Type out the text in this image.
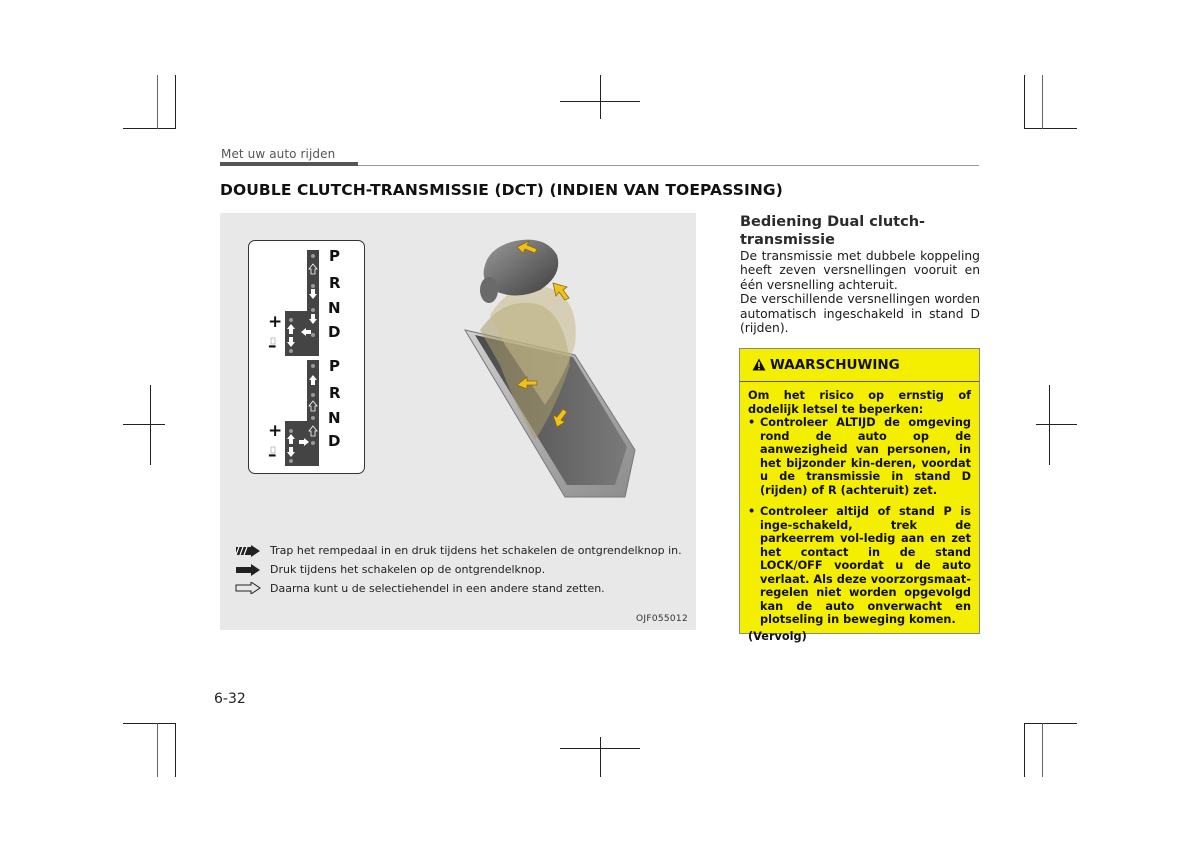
Met uw auto rijden
DOUBLE CLUTCH-TRANSMISSIE (DCT) (INDIEN VAN TOEPASSING)
P
R
N
D
+
–
P
R
N
D
+
–
Trap het rempedaal in en druk tijdens het schakelen de ontgrendelknop in.
Druk tijdens het schakelen op de ontgrendelknop.
Daarna kunt u de selectiehendel in een andere stand zetten.
OJF055012
Bediening Dual clutch-transmissie

De transmissie met dubbele koppeling heeft zeven versnellingen vooruit en één versnelling achteruit.

De verschillende versnellingen worden automatisch ingeschakeld in stand D (rijden).

WAARSCHUWING

Om het risico op ernstig of dodelijk letsel te beperken:

• Controleer ALTIJD de omgeving rond de auto op de aanwezigheid van personen, in het bijzonder kin-deren, voordat u de transmissie in stand D (rijden) of R (achteruit) zet.
• Controleer altijd of stand P is inge-schakeld, trek de parkeerrem vol-ledig aan en zet het contact in de stand LOCK/OFF voordat u de auto verlaat. Als deze voorzorgsmaat-regelen niet worden opgevolgd kan de auto onverwacht en plotseling in beweging komen.

(Vervolg)

6-32
